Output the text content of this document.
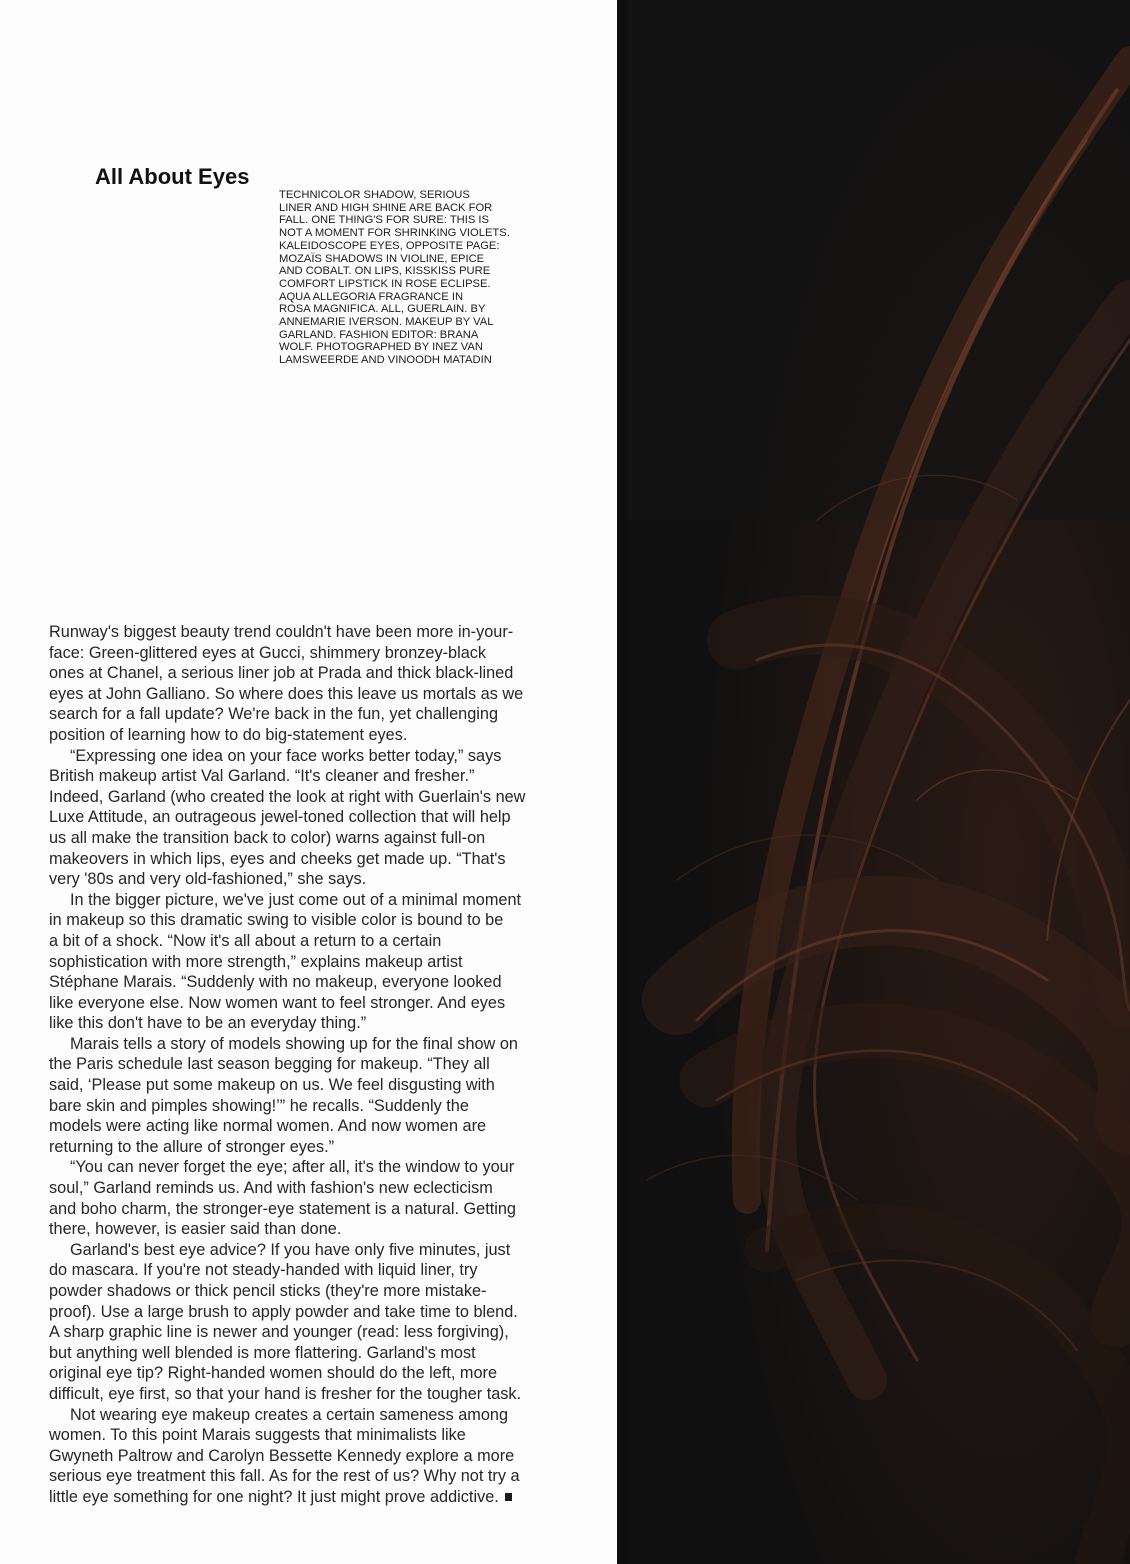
All About Eyes
TECHNICOLOR SHADOW, SERIOUS
LINER AND HIGH SHINE ARE BACK FOR
FALL. ONE THING'S FOR SURE: THIS IS
NOT A MOMENT FOR SHRINKING VIOLETS.
KALEIDOSCOPE EYES, OPPOSITE PAGE:
MOZAÏS SHADOWS IN VIOLINE, EPICE
AND COBALT. ON LIPS, KISSKISS PURE
COMFORT LIPSTICK IN ROSE ECLIPSE.
AQUA ALLEGORIA FRAGRANCE IN
ROSA MAGNIFICA. ALL, GUERLAIN. BY
ANNEMARIE IVERSON. MAKEUP BY VAL
GARLAND. FASHION EDITOR: BRANA
WOLF. PHOTOGRAPHED BY INEZ VAN
LAMSWEERDE AND VINOODH MATADIN

Runway's biggest beauty trend couldn't have been more in-your-
face: Green-glittered eyes at Gucci, shimmery bronzey-black
ones at Chanel, a serious liner job at Prada and thick black-lined
eyes at John Galliano. So where does this leave us mortals as we
search for a fall update? We're back in the fun, yet challenging
position of learning how to do big-statement eyes.

“Expressing one idea on your face works better today,” says
British makeup artist Val Garland. “It's cleaner and fresher.”
Indeed, Garland (who created the look at right with Guerlain's new
Luxe Attitude, an outrageous jewel-toned collection that will help
us all make the transition back to color) warns against full-on
makeovers in which lips, eyes and cheeks get made up. “That's
very '80s and very old-fashioned,” she says.

In the bigger picture, we've just come out of a minimal moment
in makeup so this dramatic swing to visible color is bound to be
a bit of a shock. “Now it's all about a return to a certain
sophistication with more strength,” explains makeup artist
Stéphane Marais. “Suddenly with no makeup, everyone looked
like everyone else. Now women want to feel stronger. And eyes
like this don't have to be an everyday thing.”

Marais tells a story of models showing up for the final show on
the Paris schedule last season begging for makeup. “They all
said, ‘Please put some makeup on us. We feel disgusting with
bare skin and pimples showing!’” he recalls. “Suddenly the
models were acting like normal women. And now women are
returning to the allure of stronger eyes.”

“You can never forget the eye; after all, it's the window to your
soul,” Garland reminds us. And with fashion's new eclecticism
and boho charm, the stronger-eye statement is a natural. Getting
there, however, is easier said than done.

Garland's best eye advice? If you have only five minutes, just
do mascara. If you're not steady-handed with liquid liner, try
powder shadows or thick pencil sticks (they're more mistake-
proof). Use a large brush to apply powder and take time to blend.
A sharp graphic line is newer and younger (read: less forgiving),
but anything well blended is more flattering. Garland's most
original eye tip? Right-handed women should do the left, more
difficult, eye first, so that your hand is fresher for the tougher task.

Not wearing eye makeup creates a certain sameness among
women. To this point Marais suggests that minimalists like
Gwyneth Paltrow and Carolyn Bessette Kennedy explore a more
serious eye treatment this fall. As for the rest of us? Why not try a
little eye something for one night? It just might prove addictive.
